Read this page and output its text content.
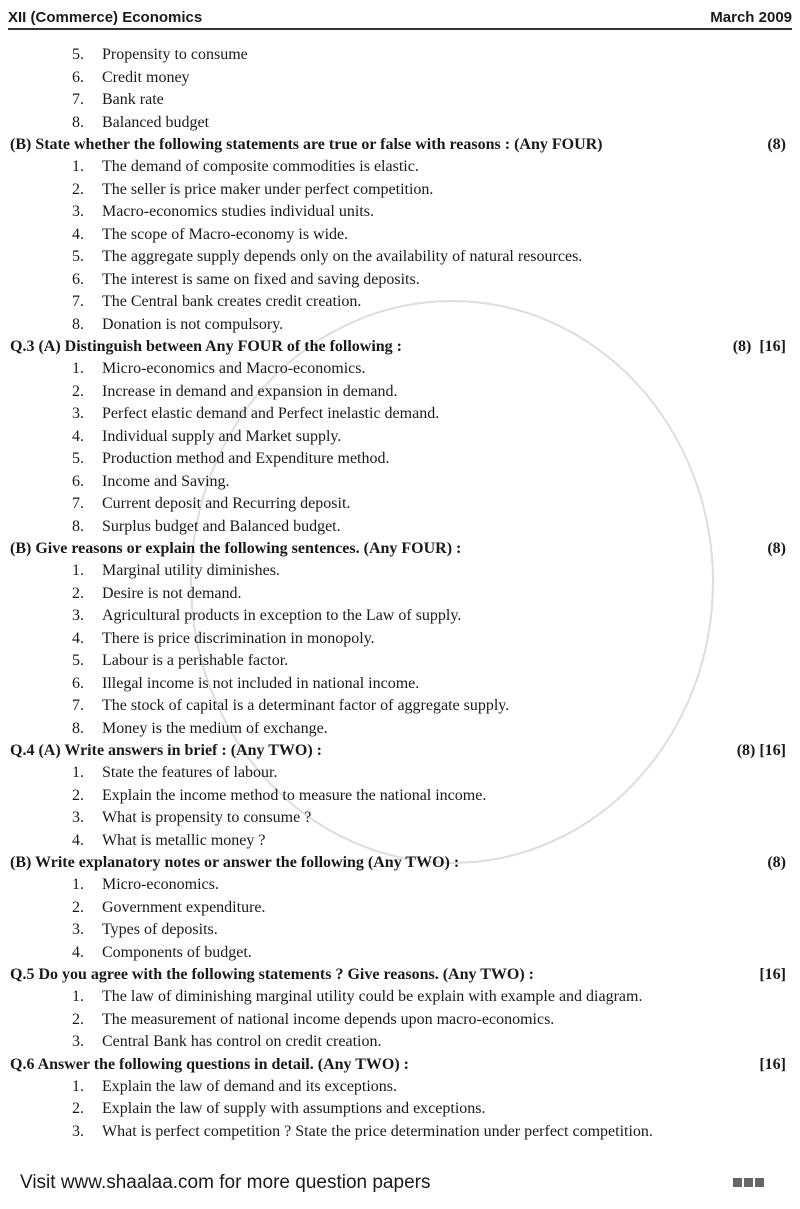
XII (Commerce) Economics	March 2009
5.	Propensity to consume
6.	Credit money
7.	Bank rate
8.	Balanced budget
(B) State whether the following statements are true or false with reasons : (Any FOUR)	(8)
1.	The demand of composite commodities is elastic.
2.	The seller is price maker under perfect competition.
3.	Macro-economics studies individual units.
4.	The scope of Macro-economy is wide.
5.	The aggregate supply depends only on the availability of natural resources.
6.	The interest is same on fixed and saving deposits.
7.	The Central bank creates credit creation.
8.	Donation is not compulsory.
Q.3 (A) Distinguish between Any FOUR of the following :	(8)  [16]
1.	Micro-economics and Macro-economics.
2.	Increase in demand and expansion in demand.
3.	Perfect elastic demand and Perfect inelastic demand.
4.	Individual supply and Market supply.
5.	Production method and Expenditure method.
6.	Income and Saving.
7.	Current deposit and Recurring deposit.
8.	Surplus budget and Balanced budget.
(B) Give reasons or explain the following sentences. (Any FOUR) :	(8)
1.	Marginal utility diminishes.
2.	Desire is not demand.
3.	Agricultural products in exception to the Law of supply.
4.	There is price discrimination in monopoly.
5.	Labour is a perishable factor.
6.	Illegal income is not included in national income.
7.	The stock of capital is a determinant factor of aggregate supply.
8.	Money is the medium of exchange.
Q.4 (A) Write answers in brief : (Any TWO) :	(8) [16]
1.	State the features of labour.
2.	Explain the income method to measure the national income.
3.	What is propensity to consume ?
4.	What is metallic money ?
(B) Write explanatory notes or answer the following (Any TWO) :	(8)
1.	Micro-economics.
2.	Government expenditure.
3.	Types of deposits.
4.	Components of budget.
Q.5 Do you agree with the following statements ? Give reasons. (Any TWO) :	[16]
1.	The law of diminishing marginal utility could be explain with example and diagram.
2.	The measurement of national income depends upon macro-economics.
3.	Central Bank has control on credit creation.
Q.6 Answer the following questions in detail. (Any TWO) :	[16]
1.	Explain the law of demand and its exceptions.
2.	Explain the law of supply with assumptions and exceptions.
3.	What is perfect competition ? State the price determination under perfect competition.
Visit www.shaalaa.com for more question papers
